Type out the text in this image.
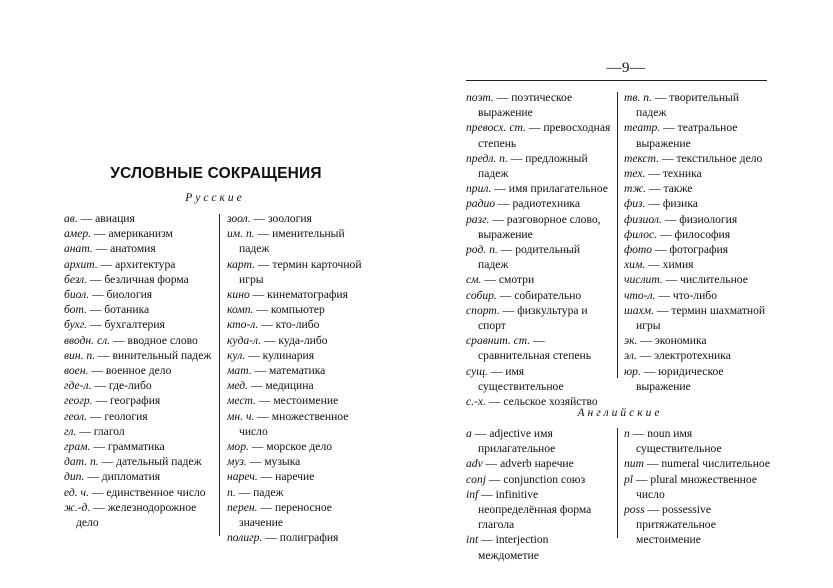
—9—
УСЛОВНЫЕ СОКРАЩЕНИЯ
Русские
ав. — авиация
амер. — американизм
анат. — анатомия
архит. — архитектура
безл. — безличная форма
биол. — биология
бот. — ботаника
бухг. — бухгалтерия
вводн. сл. — вводное слово
вин. п. — винительный падеж
воен. — военное дело
где-л. — где-либо
геогр. — география
геол. — геология
гл. — глагол
грам. — грамматика
дат. п. — дательный падеж
дип. — дипломатия
ед. ч. — единственное число
ж.-д. — железнодорожное дело
зоол. — зоология
им. п. — именительный падеж
карт. — термин карточной игры
кино — кинематография
комп. — компьютер
кто-л. — кто-либо
куда-л. — куда-либо
кул. — кулинария
мат. — математика
мед. — медицина
мест. — местоимение
мн. ч. — множественное число
мор. — морское дело
муз. — музыка
нареч. — наречие
п. — падеж
перен. — переносное значение
полигр. — полиграфия
поэт. — поэтическое выражение
превосх. ст. — превосходная степень
предл. п. — предложный падеж
прил. — имя прилагательное
радио — радиотехника
разг. — разговорное слово, выражение
род. п. — родительный падеж
см. — смотри
собир. — собирательно
спорт. — физкультура и спорт
сравнит. ст. — сравнительная степень
сущ. — имя существительное
с.-х. — сельское хозяйство
тв. п. — творительный падеж
театр. — театральное выражение
текст. — текстильное дело
тех. — техника
тж. — также
физ. — физика
физиол. — физиология
филос. — философия
фото — фотография
хим. — химия
числит. — числительное
что-л. — что-либо
шахм. — термин шахматной игры
эк. — экономика
эл. — электротехника
юр. — юридическое выражение
Английские
a — adjective имя прилагательное
adv — adverb наречие
conj — conjunction союз
inf — infinitive неопределённая форма глагола
int — interjection междометие
n — noun имя существительное
num — numeral числительное
pl — plural множественное число
poss — possessive притяжательное местоимение
